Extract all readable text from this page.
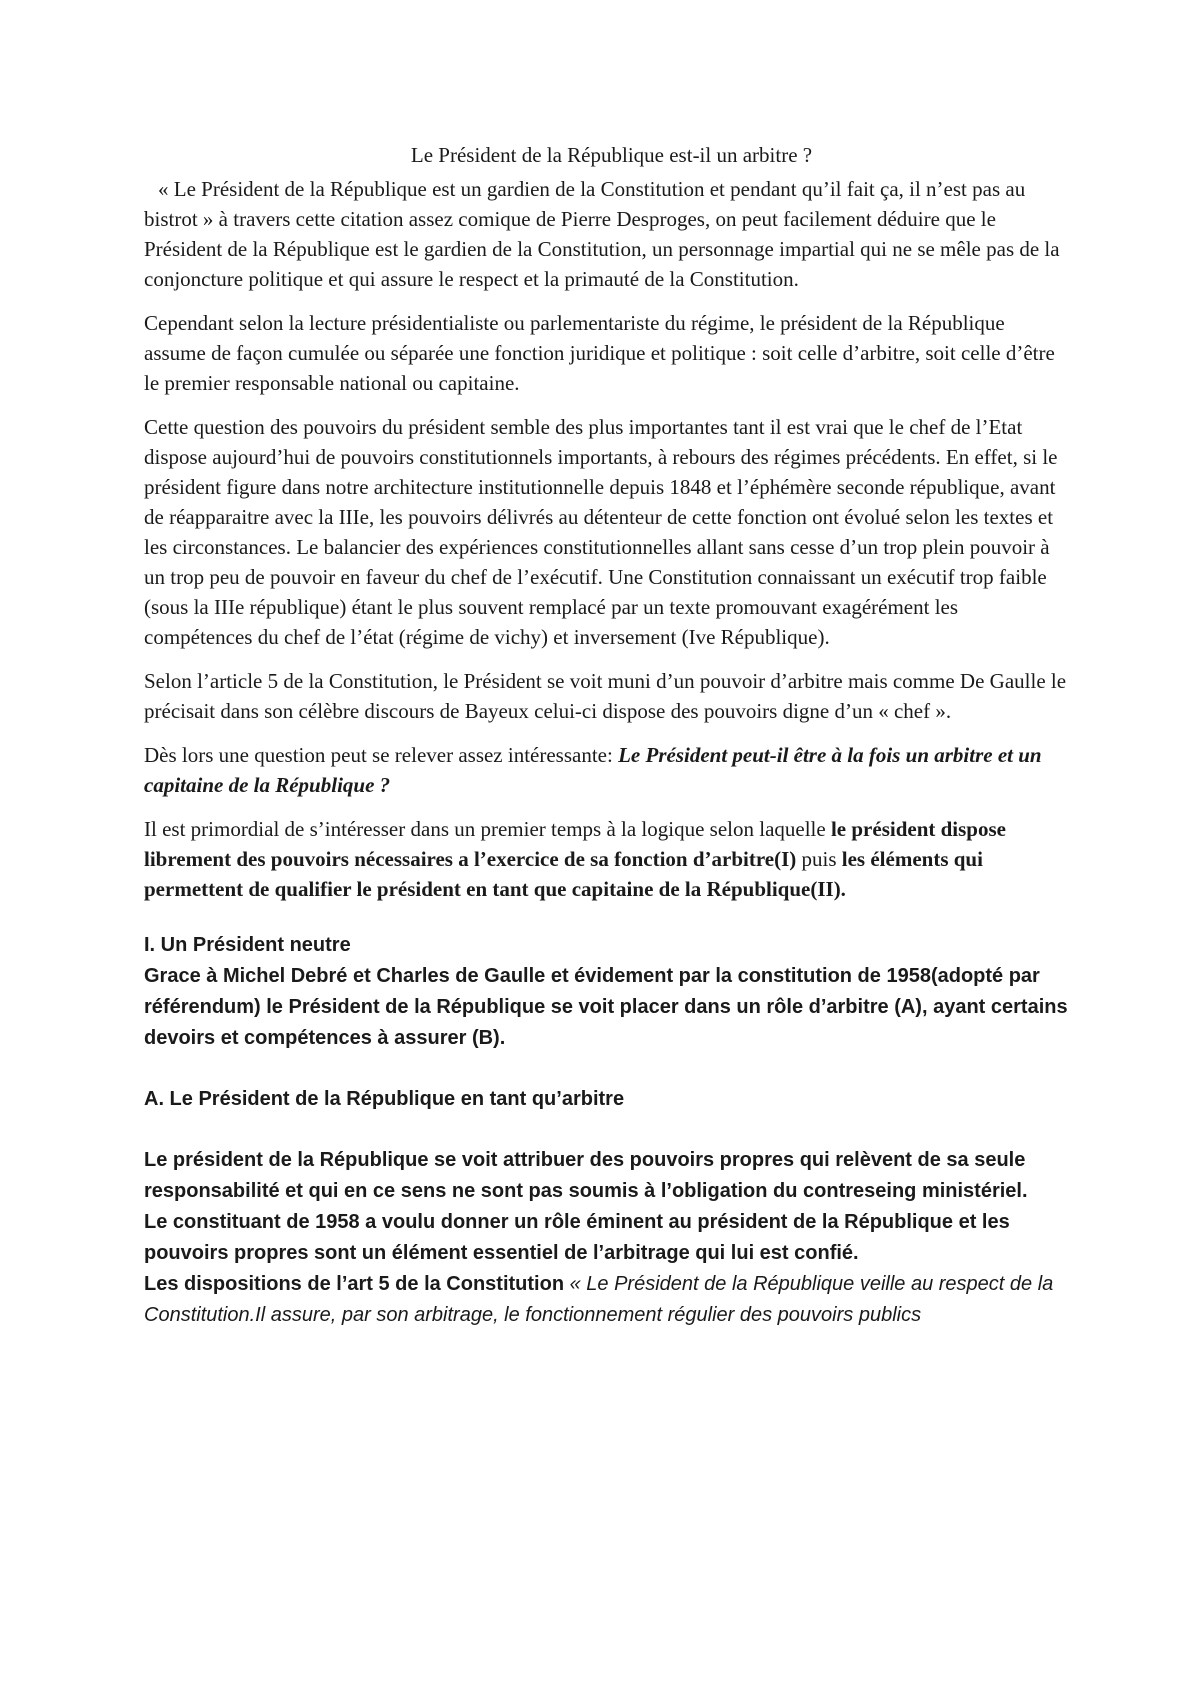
Le Président de la République est-il un arbitre ?

« Le Président de la République est un gardien de la Constitution et pendant qu’il fait ça, il n’est pas au bistrot » à travers cette citation assez comique de Pierre Desproges, on peut facilement déduire que le Président de la République est le gardien de la Constitution, un personnage impartial qui ne se mêle pas de la conjoncture politique et qui assure le respect et la primauté de la Constitution.

Cependant selon la lecture présidentialiste ou parlementariste du régime, le président de la République assume de façon cumulée ou séparée une fonction juridique et politique : soit celle d’arbitre, soit celle d’être le premier responsable national ou capitaine.

Cette question des pouvoirs du président semble des plus importantes tant il est vrai que le chef de l’Etat dispose aujourd’hui de pouvoirs constitutionnels importants, à rebours des régimes précédents. En effet, si le président figure dans notre architecture institutionnelle depuis 1848 et l’éphémère seconde république, avant de réapparaitre avec la IIIe, les pouvoirs délivrés au détenteur de cette fonction ont évolué selon les textes et les circonstances. Le balancier des expériences constitutionnelles allant sans cesse d’un trop plein pouvoir à un trop peu de pouvoir en faveur du chef de l’exécutif. Une Constitution connaissant un exécutif trop faible (sous la IIIe république) étant le plus souvent remplacé par un texte promouvant exagérément les compétences du chef de l’état (régime de vichy) et inversement (Ive République).

Selon l’article 5 de la Constitution, le Président se voit muni d’un pouvoir d’arbitre mais comme De Gaulle le précisait dans son célèbre discours de Bayeux celui-ci dispose des pouvoirs digne d’un « chef ».

Dès lors une question peut se relever assez intéressante: Le Président peut-il être à la fois un arbitre et un capitaine de la République ?

Il est primordial de s’intéresser dans un premier temps à la logique selon laquelle le président dispose librement des pouvoirs nécessaires a l’exercice de sa fonction d’arbitre(I) puis les éléments qui permettent de qualifier le président en tant que capitaine de la République(II).

I. Un Président neutre
Grace à Michel Debré et Charles de Gaulle et évidement par la constitution de 1958(adopté par référendum) le Président de la République se voit placer dans un rôle d’arbitre (A), ayant certains devoirs et compétences à assurer (B).
A. Le Président de la République en tant qu’arbitre
Le président de la République se voit attribuer des pouvoirs propres qui relèvent de sa seule responsabilité et qui en ce sens ne sont pas soumis à l’obligation du contreseing ministériel.
Le constituant de 1958 a voulu donner un rôle éminent au président de la République et les pouvoirs propres sont un élément essentiel de l’arbitrage qui lui est confié.
Les dispositions de l’art 5 de la Constitution « Le Président de la République veille au respect de la Constitution.Il assure, par son arbitrage, le fonctionnement régulier des pouvoirs publics
